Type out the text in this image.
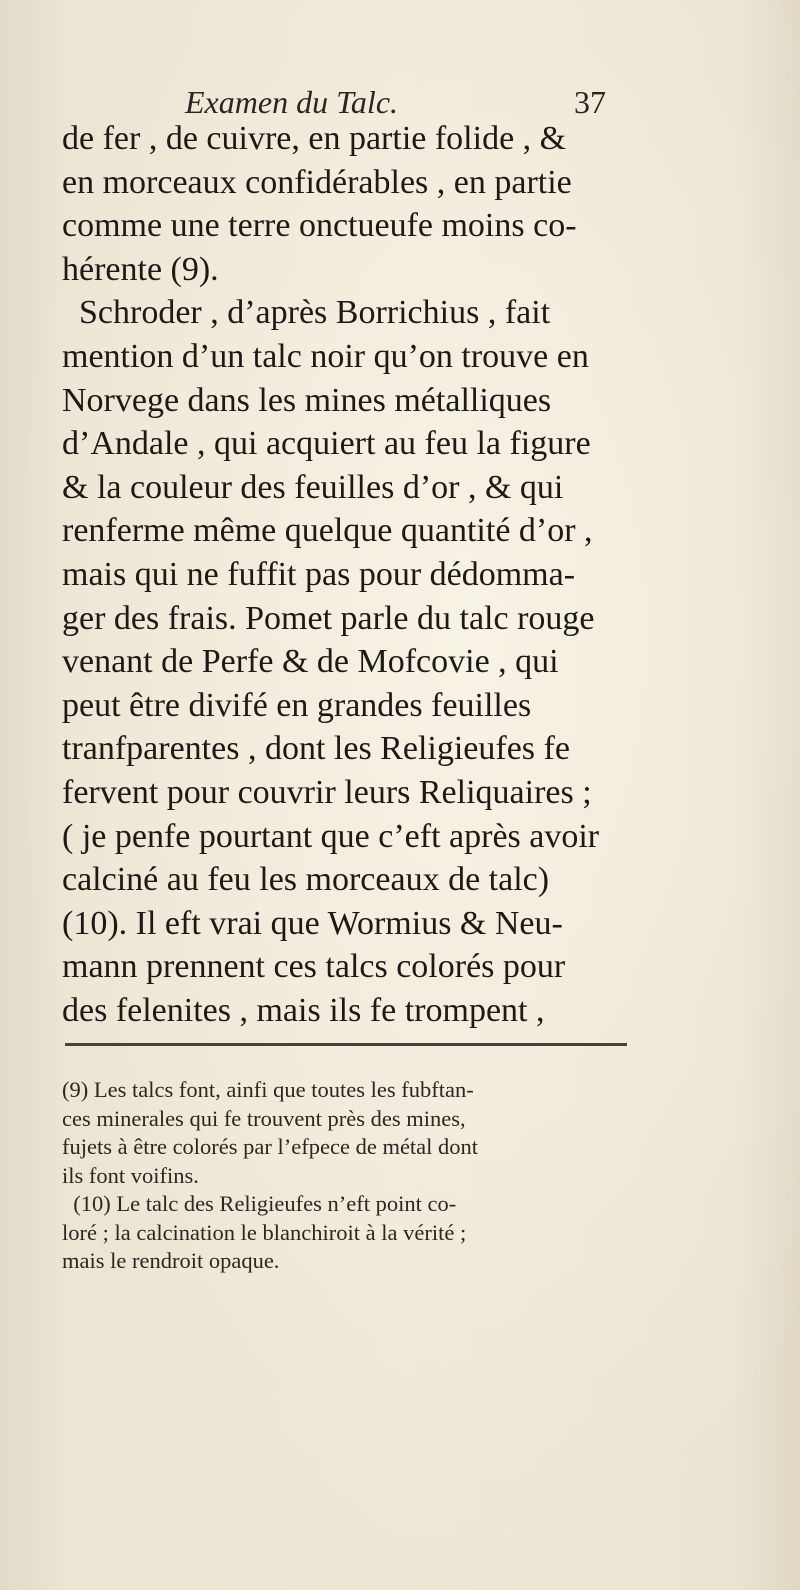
Examen du Talc.	37
de fer , de cuivre, en partie folide , &
en morceaux confidérables , en partie
comme une terre onctueufe moins co-
hérente (9).
Schroder , d’après Borrichius , fait
mention d’un talc noir qu’on trouve en
Norvege dans les mines métalliques
d’Andale , qui acquiert au feu la figure
& la couleur des feuilles d’or , & qui
renferme même quelque quantité d’or ,
mais qui ne fuffit pas pour dédomma-
ger des frais. Pomet parle du talc rouge
venant de Perfe & de Mofcovie , qui
peut être divifé en grandes feuilles
tranfparentes , dont les Religieufes fe
fervent pour couvrir leurs Reliquaires ;
( je penfe pourtant que c’eft après avoir
calciné au feu les morceaux de talc)
(10). Il eft vrai que Wormius & Neu-
mann prennent ces talcs colorés pour
des felenites , mais ils fe trompent ,
(9) Les talcs font, ainfi que toutes les fubftan-
ces minerales qui fe trouvent près des mines,
fujets à être colorés par l’efpece de métal dont
ils font voifins.
(10) Le talc des Religieufes n’eft point co-
loré ; la calcination le blanchiroit à la vérité ;
mais le rendroit opaque.
